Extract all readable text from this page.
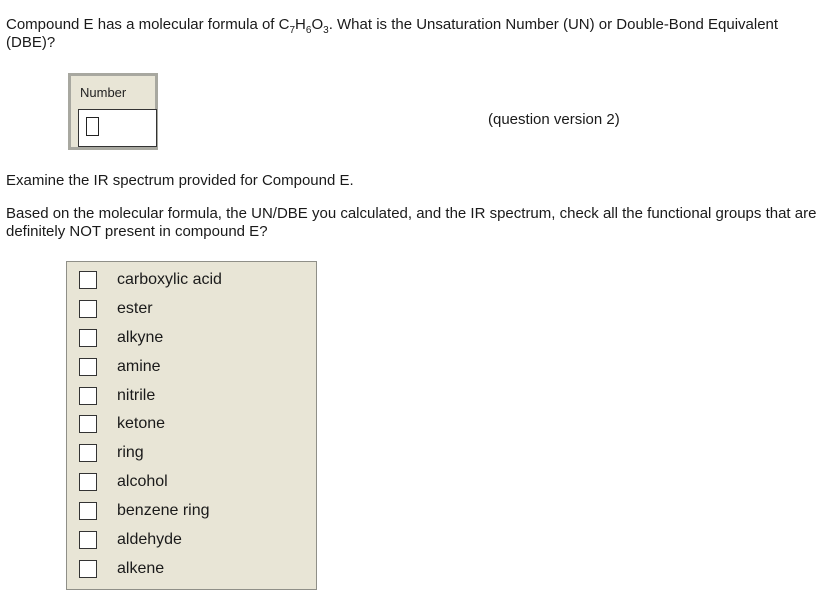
Compound E has a molecular formula of $C_7H_6O_3$. What is the Unsaturation Number (UN) or Double-Bond Equivalent (DBE)?

Number
(question version 2)

Examine the IR spectrum provided for Compound E.

Based on the molecular formula, the UN/DBE you calculated, and the IR spectrum, check all the functional groups that are definitely NOT present in compound E?

carboxylic acid
ester
alkyne
amine
nitrile
ketone
ring
alcohol
benzene ring
aldehyde
alkene
